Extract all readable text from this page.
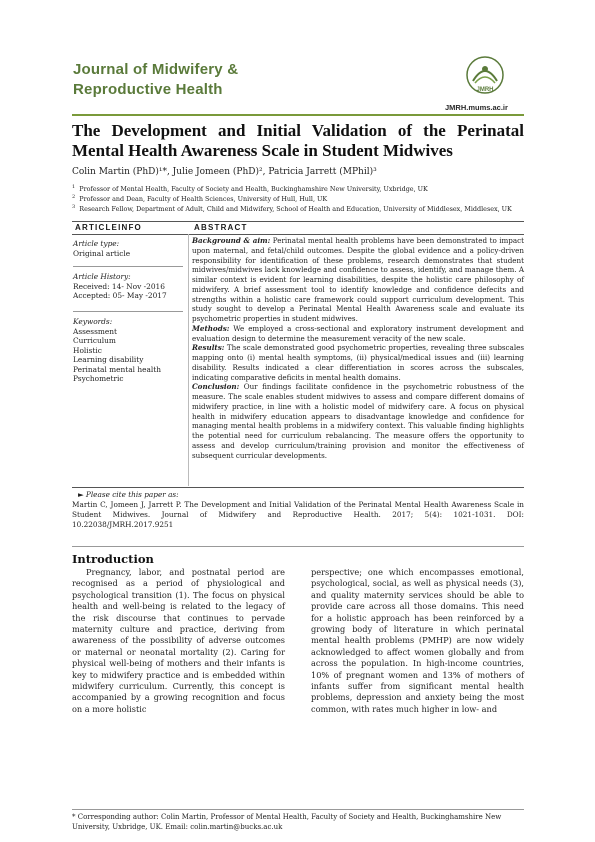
Journal of Midwifery &
Reproductive Health	JMRH
JMRH.mums.ac.ir
The Development and Initial Validation of the Perinatal Mental Health Awareness Scale in Student Midwives
Colin Martin (PhD)¹*, Julie Jomeen (PhD)², Patricia Jarrett (MPhil)³
$^1$ Professor of Mental Health, Faculty of Society and Health, Buckinghamshire New University, Uxbridge, UK
$^2$ Professor and Dean, Faculty of Health Sciences, University of Hull, Hull, UK
$^3$ Research Fellow, Department of Adult, Child and Midwifery, School of Health and Education, University of Middlesex, Middlesex, UK
ARTICLEINFO	ABSTRACT
Article type:
Original article
Article History:
Received: 14- Nov -2016
Accepted: 05- May -2017
Keywords:
Assessment
Curriculum
Holistic
Learning disability
Perinatal mental health
Psychometric

Background & aim: Perinatal mental health problems have been demonstrated to impact upon maternal, and fetal/child outcomes. Despite the global evidence and a policy-driven responsibility for identification of these problems, research demonstrates that student midwives/midwives lack knowledge and confidence to assess, identify, and manage them. A similar context is evident for learning disabilities, despite the holistic care philosophy of midwifery. A brief assessment tool to identify knowledge and confidence defecits and strengths within a holistic care framework could support curriculum development. This study sought to develop a Perinatal Mental Health Awareness scale and evaluate its psychometric properties in student midwives.

Methods: We employed a cross-sectional and exploratory instrument development and evaluation design to determine the measurement veracity of the new scale.

Results: The scale demonstrated good psychometric properties, revealing three subscales mapping onto (i) mental health symptoms, (ii) physical/medical issues and (iii) learning disability. Results indicated a clear differentiation in scores across the subscales, indicating comparative deficits in mental health domains.

Conclusion: Our findings facilitate confidence in the psychometric robustness of the measure. The scale enables student midwives to assess and compare different domains of midwifery practice, in line with a holistic model of midwifery care. A focus on physical health in midwifery education appears to disadvantage knowledge and confidence for managing mental health problems in a midwifery context. This valuable finding highlights the potential need for curriculum rebalancing. The measure offers the opportunity to assess and develop curriculum/training provision and monitor the effectiveness of subsequent curricular developments.

► Please cite this paper as:
Martin C, Jomeen J, Jarrett P. The Development and Initial Validation of the Perinatal Mental Health Awareness Scale in Student Midwives. Journal of Midwifery and Reproductive Health. 2017; 5(4): 1021-1031. DOI: 10.22038/JMRH.2017.9251
Introduction

Pregnancy, labor, and postnatal period are recognised as a period of physiological and psychological transition (1). The focus on physical health and well-being is related to the legacy of the risk discourse that continues to pervade maternity culture and practice, deriving from awareness of the possibility of adverse outcomes or maternal or neonatal mortality (2). Caring for physical well-being of mothers and their infants is key to midwifery practice and is embedded within midwifery curriculum. Currently, this concept is accompanied by a growing recognition and focus on a more holistic

perspective; one which encompasses emotional, psychological, social, as well as physical needs (3), and quality maternity services should be able to provide care across all those domains. This need for a holistic approach has been reinforced by a growing body of literature in which perinatal mental health problems (PMHP) are now widely acknowledged to affect women globally and from across the population. In high-income countries, 10% of pregnant women and 13% of mothers of infants suffer from significant mental health problems, depression and anxiety being the most common, with rates much higher in low- and

* Corresponding author: Colin Martin, Professor of Mental Health, Faculty of Society and Health, Buckinghamshire New University, Uxbridge, UK. Email: colin.martin@bucks.ac.uk
